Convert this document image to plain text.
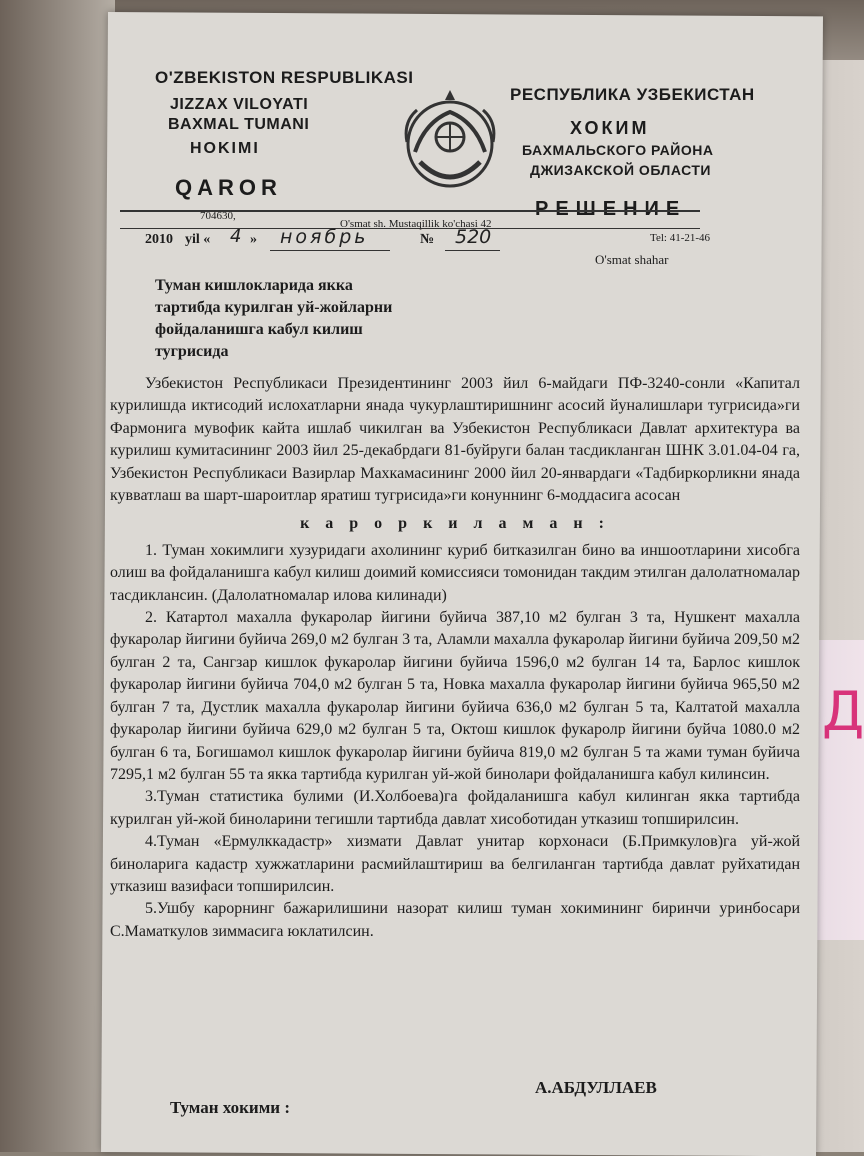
Д
O'ZBEKISTON RESPUBLIKASI
JIZZAX VILOYATI
BAXMAL TUMANI
HOKIMI
QAROR
РЕСПУБЛИКА УЗБЕКИСТАН
ХОКИМ
БАХМАЛЬСКОГО РАЙОНА
ДЖИЗАКСКОЙ ОБЛАСТИ
РЕШЕНИЕ
704630,
O'smat sh. Mustaqillik ko'chasi 42
Tel: 41-21-46
2010 yil « 4 » ноябрь	№ 520
O'smat shahar
Туман кишлокларида якка
тартибда курилган уй-жойларни
фойдаланишга кабул килиш
тугрисида

Узбекистон Республикаси Президентининг 2003 йил 6-майдаги ПФ-3240-сонли «Капитал курилишда иктисодий ислохатларни янада чукурлаштиришнинг асосий йуналишлари тугрисида»ги Фармонига мувофик кайта ишлаб чикилган ва Узбекистон Республикаси Давлат архитектура ва курилиш кумитасининг 2003 йил 25-декабрдаги 81-буйруги балан тасдикланган ШНК 3.01.04-04 га, Узбекистон Республикаси Вазирлар Махкамасининг 2000 йил 20-январдаги «Тадбиркорликни янада кувватлаш ва шарт-шароитлар яратиш тугрисида»ги конуннинг 6-моддасига асосан

к а р о р к и л а м а н :

1. Туман хокимлиги хузуридаги ахолининг куриб битказилган бино ва иншоотларини хисобга олиш ва фойдаланишга кабул килиш доимий комиссияси томонидан такдим этилган далолатномалар тасдиклансин. (Далолатномалар илова килинади)

2. Катартол махалла фукаролар йигини буйича 387,10 м2 булган 3 та, Нушкент махалла фукаролар йигини буйича 269,0 м2 булган 3 та, Аламли махалла фукаролар йигини буйича 209,50 м2 булган 2 та, Сангзар кишлок фукаролар йигини буйича 1596,0 м2 булган 14 та, Барлос кишлок фукаролар йигини буйича 704,0 м2 булган 5 та, Новка махалла фукаролар йигини буйича 965,50 м2 булган 7 та, Дустлик махалла фукаролар йигини буйича 636,0 м2 булган 5 та, Калтатой махалла фукаролар йигини буйича 629,0 м2 булган 5 та, Октош кишлок фукаролр йигини буйча 1080.0 м2 булган 6 та, Богишамол кишлок фукаролар йигини буйича 819,0 м2 булган 5 та жами туман буйича 7295,1 м2 булган 55 та якка тартибда курилган уй-жой бинолари фойдаланишга кабул килинсин.

3.Туман статистика булими (И.Холбоева)га фойдаланишга кабул килинган якка тартибда курилган уй-жой биноларини тегишли тартибда давлат хисоботидан утказиш топширилсин.

4.Туман «Ермулккадастр» хизмати Давлат унитар корхонаси (Б.Примкулов)га уй-жой биноларига кадастр хужжатларини расмийлаштириш ва белгиланган тартибда давлат руйхатидан утказиш вазифаси топширилсин.

5.Ушбу карорнинг бажарилишини назорат килиш туман хокимининг биринчи уринбосари С.Маматкулов зиммасига юклатилсин.

Туман хокими :
А.АБДУЛЛАЕВ
